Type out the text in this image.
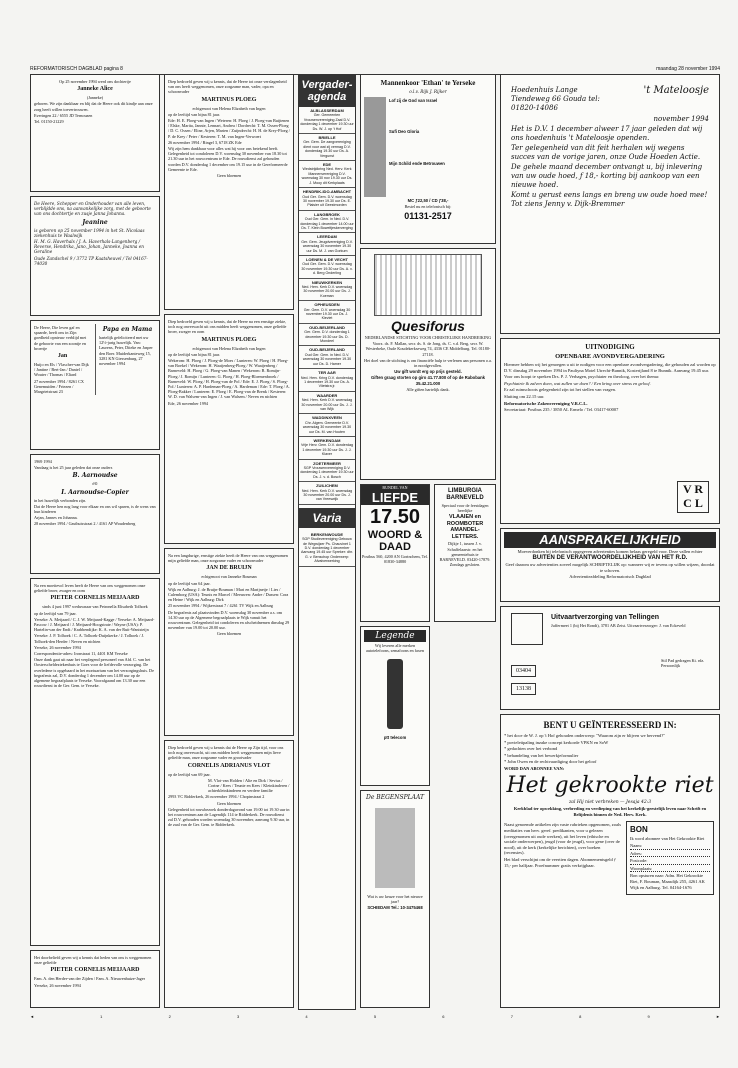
REFORMATORISCH DAGBLAD pagina 8	maandag 28 november 1994

Op 25 november 1994 werd ons dochtertje

Janneke Alice

(Janneke)

geboren. We zijn dankbaar en blij dat de Heere ook dit kindje aan onze zorg heeft willen toevertrouwen.

Everingen 22 / 6555 JD Ternouzen

Tel. 01150-21229

De Heere, Schepper en Onderhouder van alle leven, verblijdde ons, na aanvankelijke zorg, met de geboorte van ons dochtertje en zusje Janna Johanna.

Jeanine

is geboren op 25 november 1994 in het St. Nicolaas ziekenhuis te Waalwijk

H. M. G. Haverhals / J. A. Haverhals-Langenberg / Reverse, Hendrika, Jano, Johan, Janneke, Joanna en Geraline

Oude Zandschel 9 / 3772 TP Kaatsheuvel / Tel 04167-74030

De Heere, Die leven gaf en spaarde, heeft ons in Zijn goedheid opnieuw verblijd met de geboorte van een zoontje en broertje

Jan

Huijo en Els / Vlascher-van Dijk / Jantine / Bert-Jan / Daniel / Wouter / Thomas / Eliard

27 november 1994 / 8261 CX Genemuiden / Friezen / Margrietstraat 23

Papa en Mama

hartelijk gefeliciteerd met uw 12½-jarig huwelijk. Van: Laurens, Peter, Diteke en Jasper den Boer. Muiderkanteweg 15, 3281 KN Giessenburg, 27 november 1994

1969 1994

Vandaag is het 25 jaar geleden dat onze ouders

B. Aarnoudse
en
I. Aarnoudse-Copier

in het huwelijk verbonden zijn.

Dat de Heere hen nog lang voor elkaar en ons wil sparen, is de wens van hun kinderen

Arjan, Jannes en Johanna.

28 november 1994 / Gasthuisstraat 2 / 4161 AP Woudenberg

Na een moeitevol leven heeft de Heere van ons weggenomen onze geliefde broer, zwager en oom

PIETER CORNELIS MEIJAARD

sinds 4 juni 1997 weduwnaar van Petronella Elisabeth Tolhoek

op de leeftijd van 79 jaar.

Yerseke: A. Meijaard / C. J. W. Meijaard-Kagge / Yerseke: A. Meijaard-Pascow / J. Meijaard / J. Meijaard-Hoogstrate / Wayne (USA): P. Hartelin-van der Endt / Krabbendijke: K. A. van der Ruit-Wanisteijn

Yerseke: J. P. Tolhoek / C. A. Tolhoek-Duijnkerke / J. Tolhoek / J. Tolhoek-den Herder / Neven en nichten

Yerseke, 26 november 1994

Correspondentie-adres: Ironstraat 11, 4401 KM Yerseke

Onze dank gaat uit naar het verplegend personeel van Afd. C. van het Oosterscheldeziekenhuis te Goes voor de liefdevolle verzorging. De overledene is opgebaard in het mortuarium van het verzorgingshuis. De begrafenis zal, D.V. donderdag 1 december om 14.00 uur op de algemene begraafplaats te Yerseke. Voorafgaand om 13.30 uur een rouwdienst in de Ger. Gem. te Yerseke.

Het doorbeliefd geven wij u kennis dat heden van ons is weggenomen onze geliefde

PIETER CORNELIS MEIJAARD

Fam. A. den Herder-van der Zijden / Fam. A. Nieuwenhuize-Jager

Yerseke, 26 november 1994

Diep bedroefd geven wij u kennis, dat de Heere tot onze verslagenheid van ons heeft weggenomen, onze zorgzame man, vader, opa en schoonvader

MARTINUS PLOEG

echtgenoot van Helena Elizabeth van Ingen

op de leeftijd van bijna 81 jaar.

Ede: H. E. Ploeg-van Ingen / Weteren: H. Ploeg / J. Ploeg-van Buijtenen / Elske, Marita, Jannie, Lennart, Andrea / Dordrecht: T. M. Ossen-Ploeg / D. C. Ossen / Eline, Arjen, Marien / Zuijndrecht: H. H. de Krey-Ploeg / P. de Krey / Peter / Kesteren: T. M. van Ingen-Verwoert

26 november 1994 / Ringel 3, 6718 ZK Ede

Wij zijn hem dankbaar voor alles wat hij voor ons betekend heeft. Gelegenheid tot condoleren D.V. woensdag 30 november van 18.30 tot 21.30 uur in het rouwcentrum te Ede. De rouwdienst zal gehouden worden D.V. donderdag 1 december om 19.15 uur in de Gereformeerde Gemeente te Ede.

Geen bloemen

Diep bedroefd geven wij u kennis, dat de Heere na een ernstige ziekte, toch nog onverwacht uit ons midden heeft weggenomen, onze geliefde broer, zwager en oom

MARTINUS PLOEG

echtgenoot van Helena Elizabeth van Ingen

op de leeftijd van bijna 81 jaar.

Wekerom: H. Ploeg / J. Ploeg-de Moes / Lunteren: W. Ploeg / H. Ploeg-van Boekel / Wekerom: H. Waaijenberg-Ploeg / W. Waaijenberg / Barneveld: H. Ploeg / G. Ploeg-van Manen / Wekerom: B. Romijn-Ploeg / J. Romijn / Lunteren: G. Ploeg / H. Ploeg-Bloemenbroek / Barneveld: W. Ploeg / H. Ploeg-van de Pol / Ede: E. J. Ploeg / S. Ploeg-Pol / Lunteren: A. P. Hardeman-Ploeg / A. Hardeman / Ede: T. Ploeg / A. Ploeg-Bakker / Lunteren: E. Ploeg / E. Ploeg-van de Brenk / Kesteren: W. D. van Walsem-van Ingen / J. van Walsem / Neven en nichten

Ede, 26 november 1994

Na een langdurige, ernstige ziekte heeft de Heere van ons weggenomen mijn geliefde man, onze zorgzame vader en schoonvader

JAN DE BRUIJN

echtgenoot van Janneke Bouman

op de leeftijd van 64 jaar.

Wijk en Aalburg: J. de Bruijn-Bouman / Mari en Marijnetje / Lies / Culemborg (USA): Teunis en Marcel / Meeuwen: Andre / Dussen: Cora en Heine / Wijk en Aalburg: Dirk

25 november 1994 / Wijkerstraat 7 / 4261 TV Wijk en Aalburg

De begrafenis zal plaatsvinden D.V. woensdag 30 november a.s. om 14.30 uur op de Algemene begraafplaats te Wijk vanuit het rouwcentrum. Gelegenheid tot condoleren en afscheidnemen dinsdag 29 november van 19.00 tot 20.00 uur.

Geen bloemen

Diep bedroefd geven wij u kennis dat de Heere op Zijn tijd, voor ons toch nog onverwacht, uit ons midden heeft weggenomen mijn lieve geliefde man, onze zorgzame vader en grootvader

CORNELIS ADRIANUS VLOT

op de leeftijd van 69 jaar.

M. Vlot-van Holden / Alie en Dirk / Sevius / Corine / Kees / Teunie en Kees / Kleinkinderen / achterkleinkinderen en verdere familie

2993 VC Ridderkerk, 26 november 1994 / Chopinstraat 2

Geen bloemen

Gelegenheid tot rouwbezoek donderdagavond van 19.00 tot 19.30 uur in het rouwcentrum aan de Lagendijk 114 te Ridderkerk. De rouwdienst zal D.V. gehouden worden woensdag 30 november, aanvang 9.30 uur, in de zaal van de Ger. Gem. te Ridderkerk.

Vergader-agenda
ALBLASSERDAM
Ger. Gemeenten Vrouwenvereniging Zaal D.V. donderdag 1 december 19.30 uur Ds. W. J. op 't Hof
BRIELLE
Ger. Gem. De zangvereniging dient voor wat zij vermag D.V. donderdag 19.30 uur Ds. A. Vergunst
EDE
Wedstrijdkring Ned. Herv. Kerk Mannenvereniging D.V. woensdag 30 nov 19.30 uur Ds. J. Mooy dit Kerkplaats
HENDRIK-IDO-AMBACHT
Oud Ger. Gem. D.V. woensdag 30 november 19.30 uur Ds. E. Plaisier uit Geestmorden
LANGBROEK
Oud Ger. Gem. in Ned. D.V. donderdag 1 december 14.00 uur Ds. T. Klein Boweltjeskerverging
LEERDAM
Ger. Gem. Jeugdvereniging D.V. woensdag 30 november 19.30 uur Ds. M. J. van Gorkum
LOENEN & DE VECHT
Oud Ger. Gem. D.V. woensdag 30 november 19.30 uur Ds. A. v. d. Berg Onderling
NIEUWKERKEN
Ned. Herv. Kerk D.V. woensdag 30 november 20.00 uur Ds. J. Koeman
OPHEUSDEN
Ger. Gem. D.V. woensdag 30 november 19.30 uur Ds. J. Kieviet
OUD-BEIJERLAND
Ger. Gem. D.V. donderdag 1 december 19.30 uur Ds. D. Mondeel
OUD-BEIJERLAND
Oud Ger. Gem. in Ned. D.V. woensdag 30 november 19.30 uur Ds. D. Hamer
TER AAR
Ned. Herv. Kring D.V. donderdag 1 december 19.30 uur Ds. A. Vlietstra jr.
WAARDER
Ned. Herv. Kerk D.V. woensdag 30 november 20.00 uur Ds. J. J. van Wijk
WADDINXVEEN
Chr. Algem. Gemeente D.V. woensdag 30 november 19.30 uur Ds. M. van Houten
WERKENDAM
Vrije Herv. Gem. D.V. donderdag 1 december 19.30 uur Ds. J. J. Klaver
ZOETERMEER
SGP Vrouwenvereniging D.V. donderdag 1 december 19.30 uur Ds. J. v. d. Bosch
ZUILICHEM
Ned. Herv. Kerk D.V. woensdag 30 november 20.00 uur Ds. J. van Vreeswijk
Varia
BERKENWOUDE
SGP Studievereniging Gebouw de Wegwijzer Ps. Chauvinet 1 D.V. donderdag 1 december Aanvang 19.45 uur Spreker: dhr. G. v. Benschop Onderwerp: Afvalverwerking
Mannenkoor 'Ethan' te Yerseke

o.l.v. Rijk J. Rijker

Lof zij de God van Israel

Sufi Deo Gloria

Mijn Schild ende Betrouwen

MC ƒ22,50 / CD ƒ38,-

Bestel nu en telefonisch bij:

01131-2517
Quesiforus

NEDERLANDSE STICHTING VOOR CHRISTELIJKE HANDREIKING

Voorz. ds. F. Mallan, secr. ds. S. de Jong, ds. C. v.d. Berg, secr. W. Westerbeke, Oude Koudekerkseweg 74, 4336 CE Middelburg. Tel. 01180-27118.

Het doel van de stichting is om financiële hulp te verlenen aan personen o.a. in noodgevallen.

Uw gift wordt erg op prijs gesteld.

Giften graag storten op giro 41.77.800 of op de Rabobank 35.42.21.000

Alle giften hartelijk dank.

BUNDEL VAN
LIEFDE
17.50
WOORD & DAAD

Postbus 560, 4200 AN Gorinchem, Tel. 01830-34880

LIMBURGIA BARNEVELD

Speciaal voor de feestdagen heerlijke

VLAAIEN en ROOMBOTER AMANDEL-LETTERS.

Dijkje 1, tussen J. v. Schaffelaarstr. en het gemeentehuis te BARNEVELD. 03420-17879. Zondags gesloten.

Legende

Wij leveren alle merken autotelefoons, semafoons en faxen

ptt telecom

De BEGENSPLAAT

Wat is uw keuze voor het nieuwe jaar?

SCHIEDAM Tel.: 10-3475468

Hoedenhuis Lange Tiendeweg 66 Gouda tel: 01820-14086

't Mateloosje

november 1994

Het is D.V. 1 december alweer 17 jaar geleden dat wij ons hoedenhuis 't Mateloosje openden.

Ter gelegenheid van dit feit herhalen wij wegens succes van de vorige jaren, onze Oude Hoeden Actie.

De gehele maand december ontvangt u, bij inlevering van uw oude hoed, ƒ 18,- korting bij aankoop van een nieuwe hoed.

Komt u gerust eens langs en breng uw oude hoed mee! Tot ziens Jenny v. Dijk-Bremmer

UITNODIGING
OPENBARE AVONDVERGADERING

Hiermee hebben wij het genoegen u uit te nodigen voor een openbare avondvergadering, die gehouden zal worden op D.V. dinsdag 29 november 1994 in Pauliyna Motel Utrecht-Bunnik, Kosterijland 8 te Bunnik. Aanvang 19.45 uur.

Voor ons hoopt te spreken Drs. P. J. Verhagen, psychiater en theoloog, over het thema:

Psychiatrie & zalven doen, wat zullen we doen? / Een kring over stress en geloof.

Er zal ruimschoots gelegenheid zijn tot het stellen van vragen.

Sluiting om 22.15 uur.

Reformatorische Zakenvereniging V.R.C.L.

Secretariaat: Postbus 235 / 3850 AL Ermelo / Tel. 03417-60007

V R C L
AANSPRAKELIJKHEID

Moeverdonken bij telefonisch opgegeven advertenties komen helaas geregeld voor. Deze vallen echter

BUITEN DE VERANTWOORDELIJKHEID VAN HET R.D.

Geef daarom uw advertenties zoveel mogelijk SCHRIFTELIJK op: wanneer wij er tevens op willen wijzen, doordat te schoven.

Advertentieafdeling Reformatorisch Dagblad

Uitvaartverzorging van Tellingen

Juffermeet 1 (bij Het Rondt), 3781 AB Zeist. Uitvaartverzorger: J. van Eckeveld

03404
13138

Stil Pad gedragen Kt. rdz. Persoonlijk

BENT U GEÏNTERESSEERD IN:

* het doce de W. J. op 't Hof gehouden onderwerp: "Waarom zijn er blijven we bervend?"

* povieletipaling inzake concept kerkorde VPKN en SoW

* gedachten over het verbond

* behandeling van het bewerkjeformulier

* John Owen en de rechtvaardiging door het geloof

WORD DAN ABONNEE VAN:

Het gekrookte riet

zal Hij niet verbreken — Jesaja 42:3

Kerkblad ter opwekking, verbreding en verdieping van het kerkelijk-geestelijk leven naar Schrift en Belijdenis binnen de Ned. Herv. Kerk.

Naast genoemde artikelen zijn vaste rubrieken opgenomen, zoals meditaties van herv. geref. predikanten, voor u gelezen (overgenomen uit oude werken), uit het leven (ethische en sociale onderwerpen), jeugd (voor de jeugd), voor gene (over de nood), uit de kerk (kerkelijke berichten), over boeken (recensies).

Het blad verschijnt om de veertien dagen. Abonnementsgeld ƒ 15,- per halfjaar. Proefnummer gratis verkrijgbaar.

BON

Ik word abonnee van Het Gekrookte Riet

Naam:

Adres:

Postcode:

Woonplaats:

Bon opsturen naar: Adm. Het Gekrookte Riet, F. Bouman, Maasdijk 255, 4261 AK Wijk en Aalburg. Tel. 04164-1676

◄	1	2	3	4	5	6	7	8	9	►
